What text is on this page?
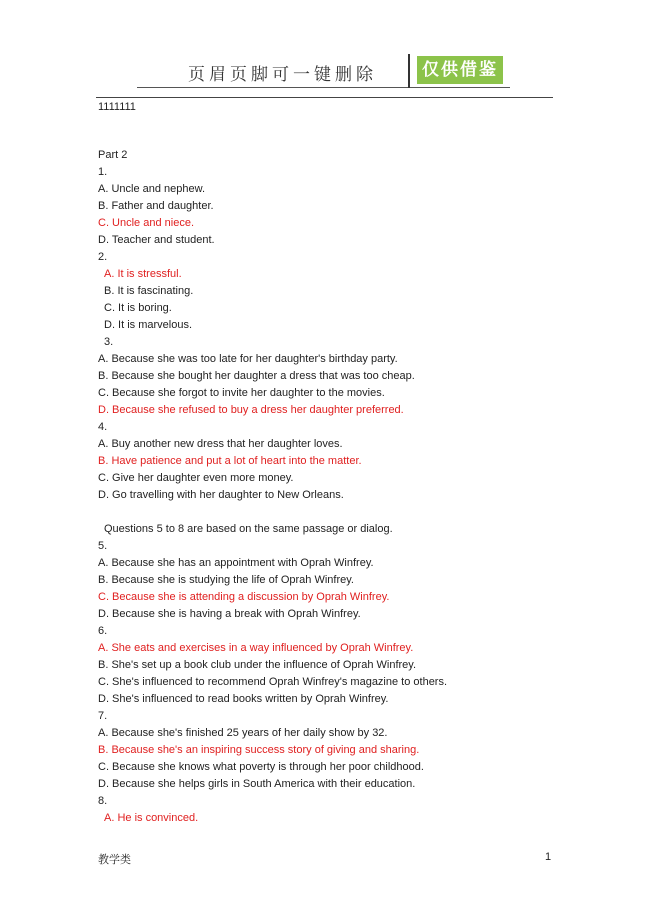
页眉页脚可一键删除	仅供借鉴
1111111
Part 2
1.
A. Uncle and nephew.
B. Father and daughter.
C. Uncle and niece.
D. Teacher and student.
2.
A. It is stressful.
B. It is fascinating.
C. It is boring.
D. It is marvelous.
3.
A. Because she was too late for her daughter's birthday party.
B. Because she bought her daughter a dress that was too cheap.
C. Because she forgot to invite her daughter to the movies.
D. Because she refused to buy a dress her daughter preferred.
4.
A. Buy another new dress that her daughter loves.
B. Have patience and put a lot of heart into the matter.
C. Give her daughter even more money.
D. Go travelling with her daughter to New Orleans.
Questions 5 to 8 are based on the same passage or dialog.
5.
A. Because she has an appointment with Oprah Winfrey.
B. Because she is studying the life of Oprah Winfrey.
C. Because she is attending a discussion by Oprah Winfrey.
D. Because she is having a break with Oprah Winfrey.
6.
A. She eats and exercises in a way influenced by Oprah Winfrey.
B. She's set up a book club under the influence of Oprah Winfrey.
C. She's influenced to recommend Oprah Winfrey's magazine to others.
D. She's influenced to read books written by Oprah Winfrey.
7.
A. Because she's finished 25 years of her daily show by 32.
B. Because she's an inspiring success story of giving and sharing.
C. Because she knows what poverty is through her poor childhood.
D. Because she helps girls in South America with their education.
8.
A. He is convinced.
教学类	1
